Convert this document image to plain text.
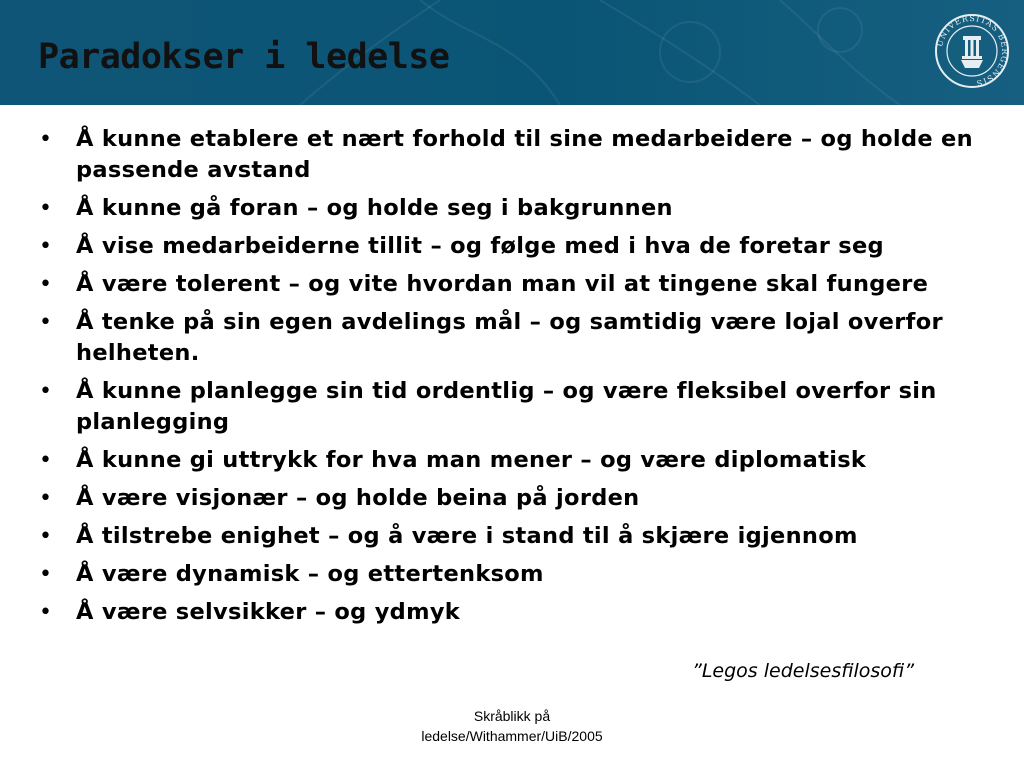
Paradokser i ledelse	UNIVERSITAS BERGENSIS
• Å kunne etablere et nært forhold til sine medarbeidere – og holde en passende avstand
• Å kunne gå foran – og holde seg i bakgrunnen
• Å vise medarbeiderne tillit – og følge med i hva de foretar seg
• Å være tolerent – og vite hvordan man vil at tingene skal fungere
• Å tenke på sin egen avdelings mål – og samtidig være lojal overfor helheten.
• Å kunne planlegge sin tid ordentlig – og være fleksibel overfor sin planlegging
• Å kunne gi uttrykk for hva man mener – og være diplomatisk
• Å være visjonær – og holde beina på jorden
• Å tilstrebe enighet – og å være i stand til å skjære igjennom
• Å være dynamisk – og ettertenksom
• Å være selvsikker – og ydmyk
”Legos ledelsesfilosofi”
Skråblikk på
ledelse/Withammer/UiB/2005
